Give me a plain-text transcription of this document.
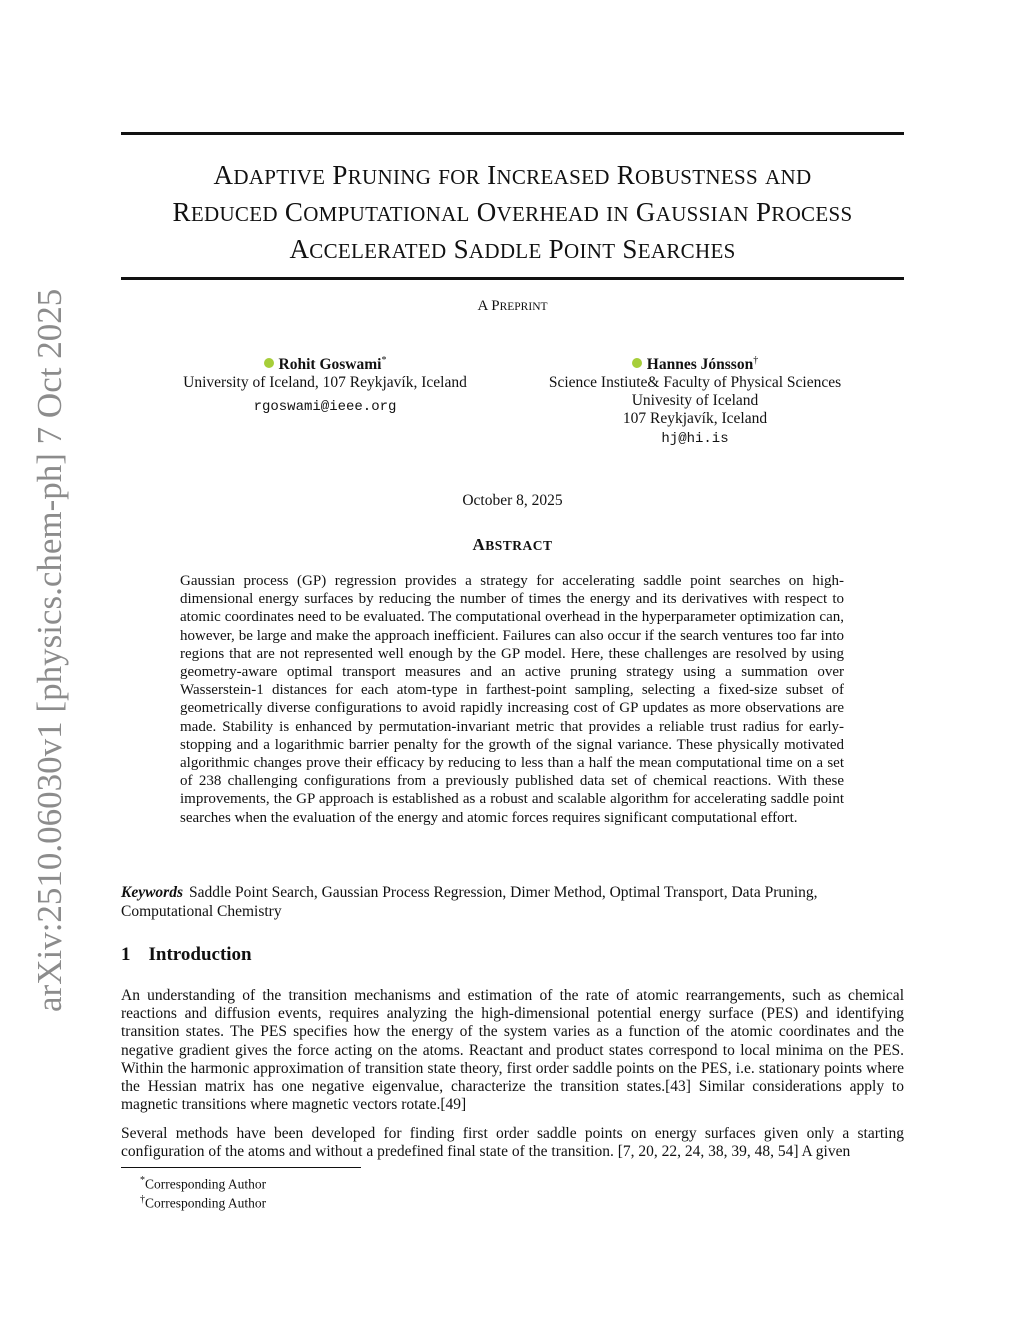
arXiv:2510.06030v1 [physics.chem-ph] 7 Oct 2025
ADAPTIVE PRUNING FOR INCREASED ROBUSTNESS AND
REDUCED COMPUTATIONAL OVERHEAD IN GAUSSIAN PROCESS
ACCELERATED SADDLE POINT SEARCHES
A PREPRINT
Rohit Goswami*
University of Iceland, 107 Reykjavík, Iceland
rgoswami@ieee.org
Hannes Jónsson†
Science Instiute& Faculty of Physical Sciences
Univesity of Iceland
107 Reykjavík, Iceland
hj@hi.is
October 8, 2025
ABSTRACT
Gaussian process (GP) regression provides a strategy for accelerating saddle point searches on high-dimensional energy surfaces by reducing the number of times the energy and its derivatives with respect to atomic coordinates need to be evaluated. The computational overhead in the hyperparameter optimization can, however, be large and make the approach inefficient. Failures can also occur if the search ventures too far into regions that are not represented well enough by the GP model. Here, these challenges are resolved by using geometry-aware optimal transport measures and an active pruning strategy using a summation over Wasserstein-1 distances for each atom-type in farthest-point sampling, selecting a fixed-size subset of geometrically diverse configurations to avoid rapidly increasing cost of GP updates as more observations are made. Stability is enhanced by permutation-invariant metric that provides a reliable trust radius for early-stopping and a logarithmic barrier penalty for the growth of the signal variance. These physically motivated algorithmic changes prove their efficacy by reducing to less than a half the mean computational time on a set of 238 challenging configurations from a previously published data set of chemical reactions. With these improvements, the GP approach is established as a robust and scalable algorithm for accelerating saddle point searches when the evaluation of the energy and atomic forces requires significant computational effort.
Keywords Saddle Point Search, Gaussian Process Regression, Dimer Method, Optimal Transport, Data Pruning, Computational Chemistry
1 Introduction
An understanding of the transition mechanisms and estimation of the rate of atomic rearrangements, such as chemical reactions and diffusion events, requires analyzing the high-dimensional potential energy surface (PES) and identifying transition states. The PES specifies how the energy of the system varies as a function of the atomic coordinates and the negative gradient gives the force acting on the atoms. Reactant and product states correspond to local minima on the PES. Within the harmonic approximation of transition state theory, first order saddle points on the PES, i.e. stationary points where the Hessian matrix has one negative eigenvalue, characterize the transition states.[43] Similar considerations apply to magnetic transitions where magnetic vectors rotate.[49]
Several methods have been developed for finding first order saddle points on energy surfaces given only a starting configuration of the atoms and without a predefined final state of the transition. [7, 20, 22, 24, 38, 39, 48, 54] A given
*Corresponding Author
†Corresponding Author
